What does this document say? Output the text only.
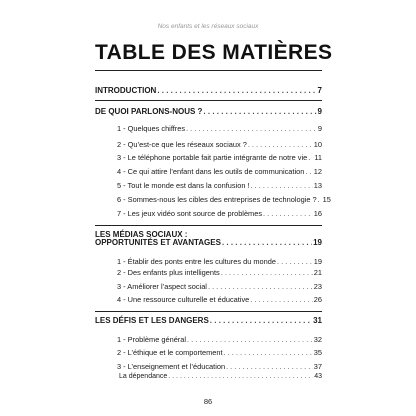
Nos enfants et les réseaux sociaux
TABLE DES MATIÈRES
INTRODUCTION . . .	7
DE QUOI PARLONS-NOUS ? . . .	9
1 - Quelques chiffres . . .	9
2 - Qu’est-ce que les réseaux sociaux ? . . .	10
3 - Le téléphone portable fait partie intégrante de notre vie . . . 11
4 - Ce qui attire l’enfant dans les outils de communication . . . 12
5 - Tout le monde est dans la confusion ! . . .	13
6 - Sommes-nous les cibles des entreprises de technologie ? . . . 15
7 - Les jeux vidéo sont source de problèmes . . .	16
LES MÉDIAS SOCIAUX :
OPPORTUNITÉS ET AVANTAGES . . .	19
1 - Établir des ponts entre les cultures du monde . . .	19
2 - Des enfants plus intelligents . . .	21
3 - Améliorer l’aspect social . . .	23
4 - Une ressource culturelle et éducative . . .	26
LES DÉFIS ET LES DANGERS . . .	31
1 - Problème général . . .	32
2 - L’éthique et le comportement . . .	35
3 - L’enseignement et l’éducation . . .	37
La dépendance . . .	43
86
